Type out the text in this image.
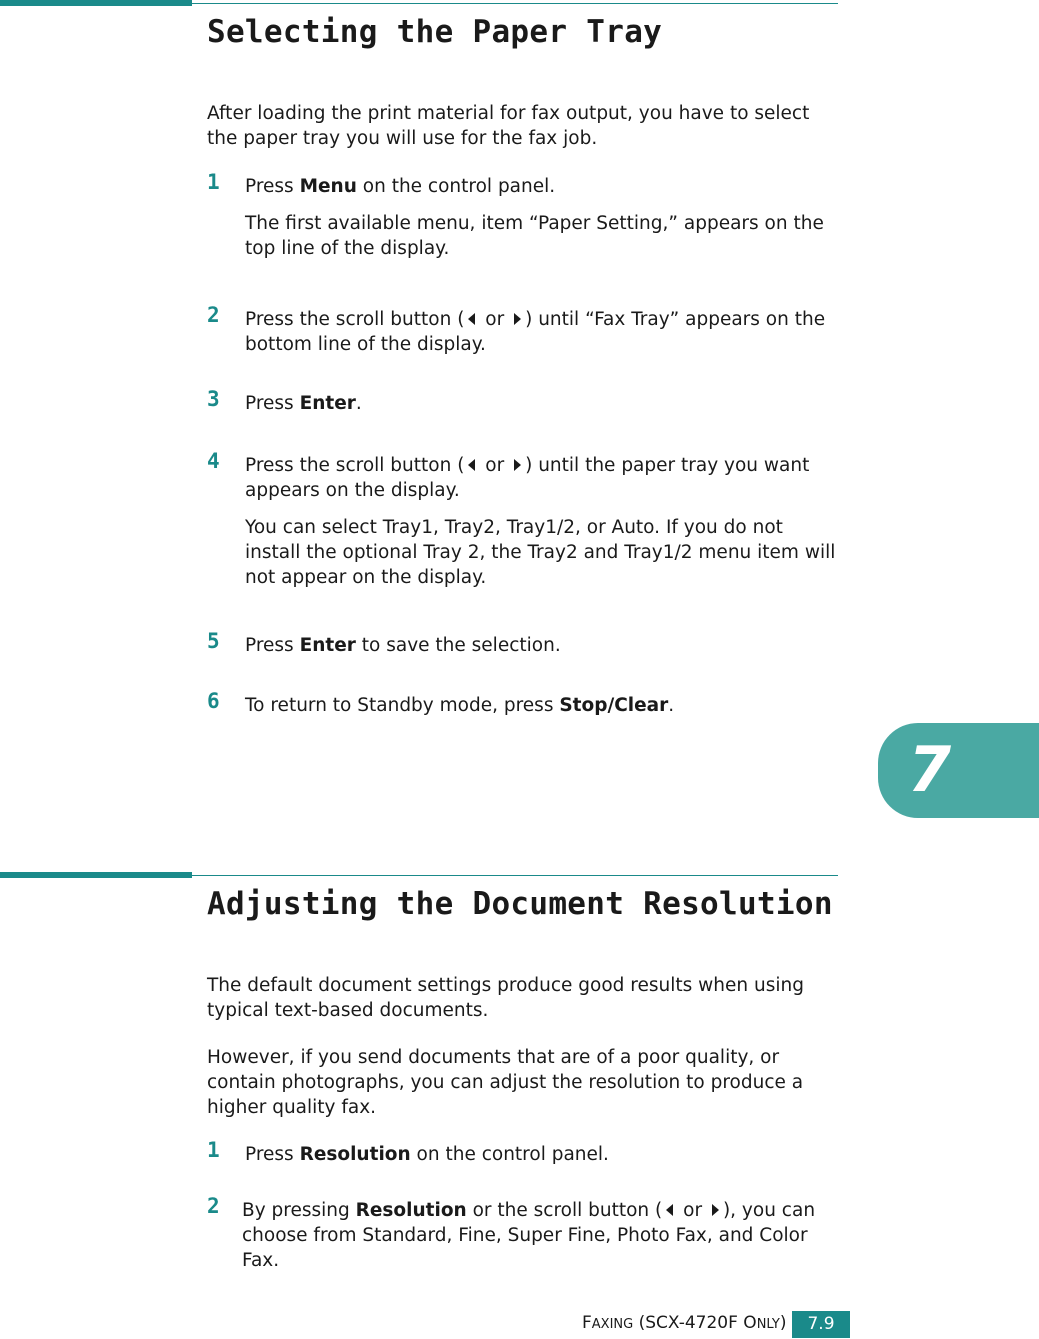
Selecting the Paper Tray

After loading the print material for fax output, you have to select the paper tray you will use for the fax job.

1 Press Menu on the control panel.
The first available menu, item “Paper Setting,” appears on the top line of the display.
2 Press the scroll button ( or ) until “Fax Tray” appears on the bottom line of the display.
3 Press Enter.
4 Press the scroll button ( or ) until the paper tray you want appears on the display.
You can select Tray1, Tray2, Tray1/2, or Auto. If you do not install the optional Tray 2, the Tray2 and Tray1/2 menu item will not appear on the display.
5 Press Enter to save the selection.
6 To return to Standby mode, press Stop/Clear.
7
Adjusting the Document Resolution

The default document settings produce good results when using typical text-based documents.

However, if you send documents that are of a poor quality, or contain photographs, you can adjust the resolution to produce a higher quality fax.

1 Press Resolution on the control panel.
2 By pressing Resolution or the scroll button ( or ), you can choose from Standard, Fine, Super Fine, Photo Fax, and Color Fax.
FAXING (SCX-4720F ONLY)	7.9
